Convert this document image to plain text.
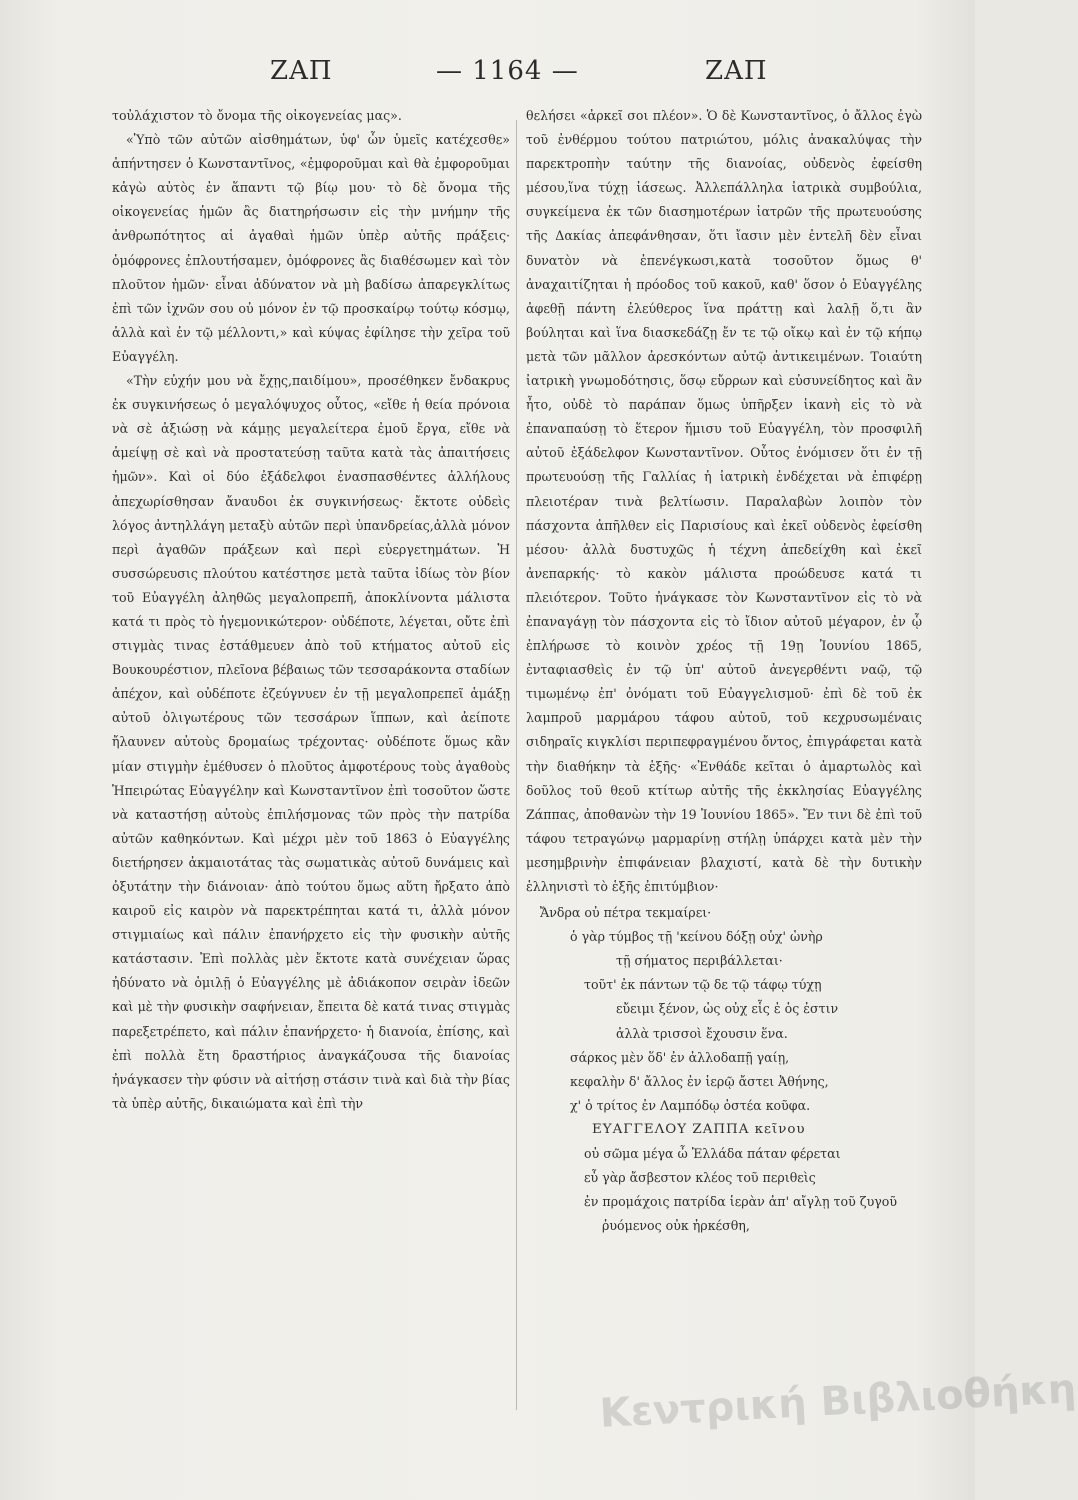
ΖΑΠ	— 1164 —	ΖΑΠ

τοὐλάχιστον τὸ ὄνομα τῆς οἰκογενείας μας».

«Ὑπὸ τῶν αὐτῶν αἰσθημάτων, ὑφ' ὧν ὑμεῖς κατέχεσθε» ἀπήντησεν ὁ Κωνσταντῖνος, «ἐμφοροῦμαι καὶ θὰ ἐμφοροῦμαι κἀγὼ αὐτὸς ἐν ἅπαντι τῷ βίῳ μου· τὸ δὲ ὄνομα τῆς οἰκογενείας ἡμῶν ἂς διατηρήσωσιν εἰς τὴν μνήμην τῆς ἀνθρωπότητος αἱ ἀγαθαὶ ἡμῶν ὑπὲρ αὐτῆς πράξεις· ὁμόφρονες ἐπλουτήσαμεν, ὁμόφρονες ἂς διαθέσωμεν καὶ τὸν πλοῦτον ἡμῶν· εἶναι ἀδύνατον νὰ μὴ βαδίσω ἀπαρεγκλίτως ἐπὶ τῶν ἰχνῶν σου οὐ μόνον ἐν τῷ προσκαίρῳ τούτῳ κόσμῳ, ἀλλὰ καὶ ἐν τῷ μέλλοντι,» καὶ κύψας ἐφίλησε τὴν χεῖρα τοῦ Εὐαγγέλη.

«Τὴν εὐχήν μου νὰ ἔχῃς,παιδίμου», προσέθηκεν ἔνδακρυς ἐκ συγκινήσεως ὁ μεγαλόψυχος οὗτος, «εἴθε ἡ θεία πρόνοια νὰ σὲ ἀξιώσῃ νὰ κάμῃς μεγαλείτερα ἐμοῦ ἔργα, εἴθε νὰ ἀμείψῃ σὲ καὶ νὰ προστατεύσῃ ταῦτα κατὰ τὰς ἀπαιτήσεις ἡμῶν». Καὶ οἱ δύο ἐξάδελφοι ἐνασπασθέντες ἀλλήλους ἀπεχωρίσθησαν ἄναυδοι ἐκ συγκινήσεως· ἔκτοτε οὐδεὶς λόγος ἀντηλλάγη μεταξὺ αὐτῶν περὶ ὑπανδρείας,ἀλλὰ μόνον περὶ ἀγαθῶν πράξεων καὶ περὶ εὐεργετημάτων. Ἡ συσσώρευσις πλούτου κατέστησε μετὰ ταῦτα ἰδίως τὸν βίον τοῦ Εὐαγγέλη ἀληθῶς μεγαλοπρεπῆ, ἀποκλίνοντα μάλιστα κατά τι πρὸς τὸ ἡγεμονικώτερον· οὐδέποτε, λέγεται, οὔτε ἐπὶ στιγμὰς τινας ἐστάθμευεν ἀπὸ τοῦ κτήματος αὐτοῦ εἰς Βουκουρέστιον, πλεῖονα βέβαιως τῶν τεσσαράκοντα σταδίων ἀπέχον, καὶ οὐδέποτε ἐζεύγνυεν ἐν τῇ μεγαλοπρεπεῖ ἁμάξῃ αὐτοῦ ὀλιγωτέρους τῶν τεσσάρων ἵππων, καὶ ἀείποτε ἤλαυνεν αὐτοὺς δρομαίως τρέχοντας· οὐδέποτε ὅμως κἂν μίαν στιγμὴν ἐμέθυσεν ὁ πλοῦτος ἀμφοτέρους τοὺς ἀγαθοὺς Ἠπειρώτας Εὐαγγέλην καὶ Κωνσταντῖνον ἐπὶ τοσοῦτον ὥστε νὰ καταστήσῃ αὐτοὺς ἐπιλήσμονας τῶν πρὸς τὴν πατρίδα αὐτῶν καθηκόντων. Καὶ μέχρι μὲν τοῦ 1863 ὁ Εὐαγγέλης διετήρησεν ἀκμαιοτάτας τὰς σωματικὰς αὐτοῦ δυνάμεις καὶ ὀξυτάτην τὴν διάνοιαν· ἀπὸ τούτου ὅμως αὕτη ἤρξατο ἀπὸ καιροῦ εἰς καιρὸν νὰ παρεκτρέπηται κατά τι, ἀλλὰ μόνον στιγμιαίως καὶ πάλιν ἐπανήρχετο εἰς τὴν φυσικὴν αὐτῆς κατάστασιν. Ἐπὶ πολλὰς μὲν ἔκτοτε κατὰ συνέχειαν ὥρας ἠδύνατο νὰ ὁμιλῇ ὁ Εὐαγγέλης μὲ ἀδιάκοπον σειρὰν ἰδεῶν καὶ μὲ τὴν φυσικὴν σαφήνειαν, ἔπειτα δὲ κατά τινας στιγμὰς παρεξετρέπετο, καὶ πάλιν ἐπανήρχετο· ἡ διανοία, ἐπίσης, καὶ ἐπὶ πολλὰ ἔτη δραστήριος ἀναγκάζουσα τῆς διανοίας ἠνάγκασεν τὴν φύσιν νὰ αἰτήσῃ στάσιν τινὰ καὶ διὰ τὴν βίας τὰ ὑπὲρ αὐτῆς, δικαιώματα καὶ ἐπὶ τὴν

θελήσει «ἀρκεῖ σοι πλέον». Ὁ δὲ Κωνσταντῖνος, ὁ ἄλλος ἐγὼ τοῦ ἐνθέρμου τούτου πατριώτου, μόλις ἀνακαλύψας τὴν παρεκτροπὴν ταύτην τῆς διανοίας, οὐδενὸς ἐφείσθη μέσου,ἵνα τύχῃ ἰάσεως. Ἀλλεπάλληλα ἰατρικὰ συμβούλια, συγκείμενα ἐκ τῶν διασημοτέρων ἰατρῶν τῆς πρωτευούσης τῆς Δακίας ἀπεφάνθησαν, ὅτι ἴασιν μὲν ἐντελῆ δὲν εἶναι δυνατὸν νὰ ἐπενέγκωσι,κατὰ τοσοῦτον ὅμως θ' ἀναχαιτίζηται ἡ πρόοδος τοῦ κακοῦ, καθ' ὅσον ὁ Εὐαγγέλης ἀφεθῇ πάντη ἐλεύθερος ἵνα πράττῃ καὶ λαλῇ ὅ,τι ἂν βούληται καὶ ἵνα διασκεδάζῃ ἔν τε τῷ οἴκῳ καὶ ἐν τῷ κήπῳ μετὰ τῶν μᾶλλον ἀρεσκόντων αὐτῷ ἀντικειμένων. Τοιαύτη ἰατρικὴ γνωμοδότησις, ὅσῳ εὔρρων καὶ εὐσυνείδητος καὶ ἂν ἦτο, οὐδὲ τὸ παράπαν ὅμως ὑπῆρξεν ἱκανὴ εἰς τὸ νὰ ἐπαναπαύσῃ τὸ ἕτερον ἥμισυ τοῦ Εὐαγγέλη, τὸν προσφιλῆ αὐτοῦ ἐξάδελφον Κωνσταντῖνον. Οὗτος ἐνόμισεν ὅτι ἐν τῇ πρωτευούσῃ τῆς Γαλλίας ἡ ἰατρικὴ ἐνδέχεται νὰ ἐπιφέρῃ πλειοτέραν τινὰ βελτίωσιν. Παραλαβὼν λοιπὸν τὸν πάσχοντα ἀπῆλθεν εἰς Παρισίους καὶ ἐκεῖ οὐδενὸς ἐφείσθη μέσου· ἀλλὰ δυστυχῶς ἡ τέχνη ἀπεδείχθη καὶ ἐκεῖ ἀνεπαρκής· τὸ κακὸν μάλιστα προώδευσε κατά τι πλειότερον. Τοῦτο ἠνάγκασε τὸν Κωνσταντῖνον εἰς τὸ νὰ ἐπαναγάγῃ τὸν πάσχοντα εἰς τὸ ἴδιον αὐτοῦ μέγαρον, ἐν ᾧ ἐπλήρωσε τὸ κοινὸν χρέος τῇ 19ῃ Ἰουνίου 1865, ἐνταφιασθεὶς ἐν τῷ ὑπ' αὐτοῦ ἀνεγερθέντι ναῷ, τῷ τιμωμένῳ ἐπ' ὀνόματι τοῦ Εὐαγγελισμοῦ· ἐπὶ δὲ τοῦ ἐκ λαμπροῦ μαρμάρου τάφου αὐτοῦ, τοῦ κεχρυσωμέναις σιδηραῖς κιγκλίσι περιπεφραγμένου ὄντος, ἐπιγράφεται κατὰ τὴν διαθήκην τὰ ἑξῆς· «Ἐνθάδε κεῖται ὁ ἁμαρτωλὸς καὶ δοῦλος τοῦ θεοῦ κτίτωρ αὐτῆς τῆς ἐκκλησίας Εὐαγγέλης Ζάππας, ἀποθανὼν τὴν 19 Ἰουνίου 1865». Ἔν τινι δὲ ἐπὶ τοῦ τάφου τετραγώνῳ μαρμαρίνῃ στήλῃ ὑπάρχει κατὰ μὲν τὴν μεσημβρινὴν ἐπιφάνειαν βλαχιστί, κατὰ δὲ τὴν δυτικὴν ἑλληνιστὶ τὸ ἑξῆς ἐπιτύμβιον·

Ἄνδρα οὐ πέτρα τεκμαίρει·
ὁ γὰρ τύμβος τῇ 'κείνου δόξῃ οὐχ' ὡνὴρ
τῇ σήματος περιβάλλεται·
τοῦτ' ἐκ πάντων τῷ δε τῷ τάφῳ τύχῃ
εὔειμι ξένον, ὡς οὐχ εἷς ἐ ὁς ἐστιν
ἀλλὰ τρισσοὶ ἔχουσιν ἕνα.
σάρκος μὲν ὅδ' ἐν ἀλλοδαπῇ γαίῃ,
κεφαλὴν δ' ἄλλος ἐν ἱερῷ ἄστει Ἀθήνης,
χ' ὁ τρίτος ἐν Λαμπόδῳ ὀστέα κοῦφα.
ΕΥΑΓΓΕΛΟΥ ΖΑΠΠΑ κεῖνου
οὐ σῶμα μέγα ὦ Ἑλλάδα πάταν φέρεται
εὖ γὰρ ἄσβεστον κλέος τοῦ περιθεὶς
ἐν προμάχοις πατρίδα ἱερὰν ἀπ' αἴγλῃ τοῦ ζυγοῦ
ῥυόμενος οὐκ ἠρκέσθη,
Κεντρική Βιβλιοθήκη
